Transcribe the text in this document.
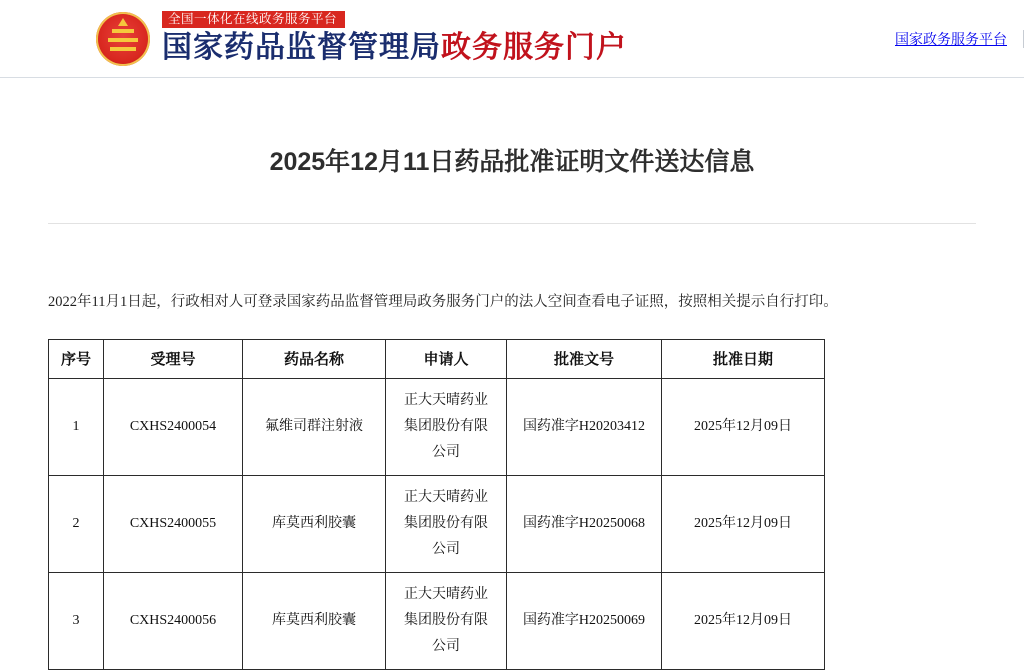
全国一体化在线政务服务平台
国家药品监督管理局政务服务门户	国家政务服务平台
2025年12月11日药品批准证明文件送达信息

2022年11月1日起，行政相对人可登录国家药品监督管理局政务服务门户的法人空间查看电子证照，按照相关提示自行打印。

序号	受理号	药品名称	申请人	批准文号	批准日期
1	CXHS2400054	氟维司群注射液	正大天晴药业
集团股份有限
公司	国药准字H20203412	2025年12月09日
2	CXHS2400055	库莫西利胶囊	正大天晴药业
集团股份有限
公司	国药准字H20250068	2025年12月09日
3	CXHS2400056	库莫西利胶囊	正大天晴药业
集团股份有限
公司	国药准字H20250069	2025年12月09日
